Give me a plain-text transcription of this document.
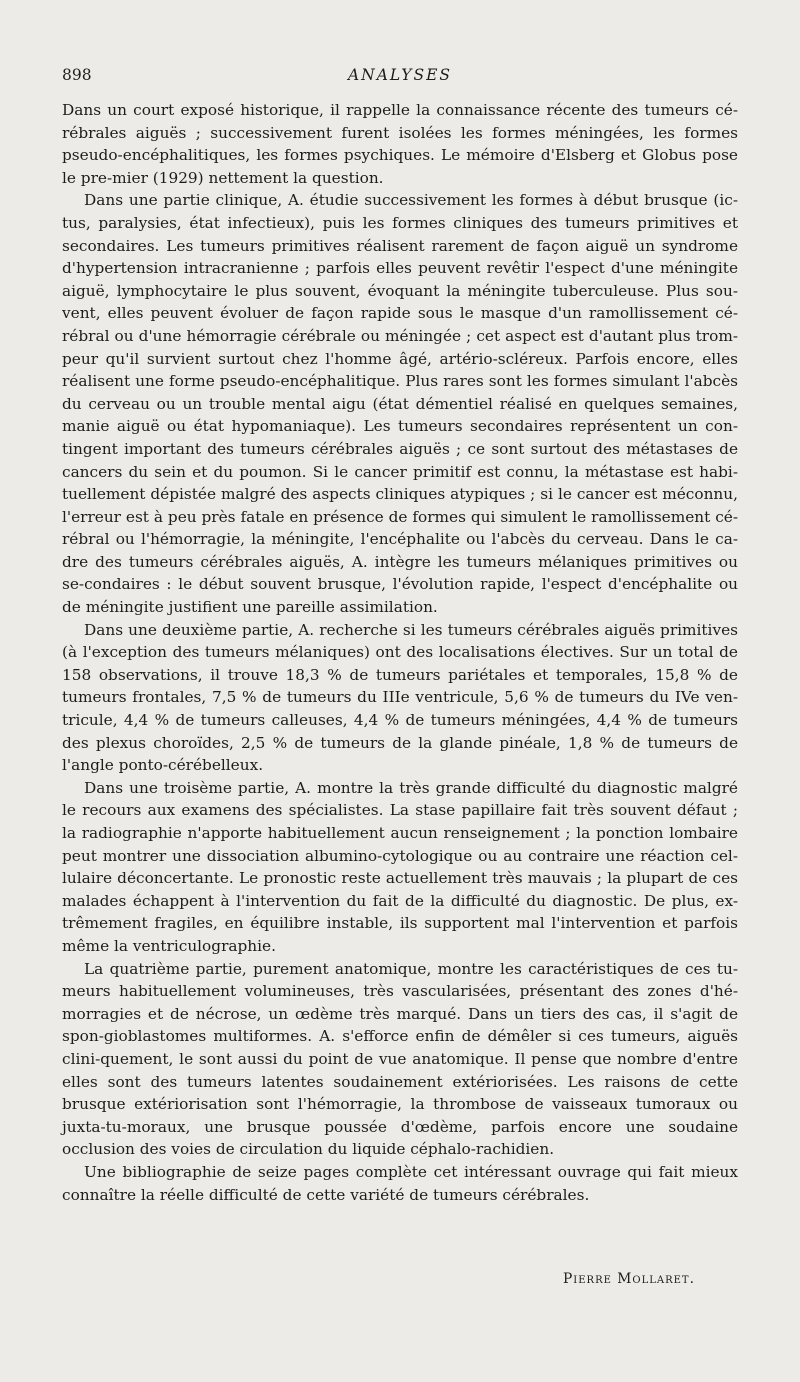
898	ANALYSES

Dans un court exposé historique, il rappelle la connaissance récente des tumeurs cé-rébrales aiguës ; successivement furent isolées les formes méningées, les formes pseudo-encéphalitiques, les formes psychiques. Le mémoire d'Elsberg et Globus pose le pre-mier (1929) nettement la question.

Dans une partie clinique, A. étudie successivement les formes à début brusque (ic-tus, paralysies, état infectieux), puis les formes cliniques des tumeurs primitives et secondaires. Les tumeurs primitives réalisent rarement de façon aiguë un syndrome d'hypertension intracranienne ; parfois elles peuvent revêtir l'espect d'une méningite aiguë, lymphocytaire le plus souvent, évoquant la méningite tuberculeuse. Plus sou-vent, elles peuvent évoluer de façon rapide sous le masque d'un ramollissement cé-rébral ou d'une hémorragie cérébrale ou méningée ; cet aspect est d'autant plus trom-peur qu'il survient surtout chez l'homme âgé, artério-scléreux. Parfois encore, elles réalisent une forme pseudo-encéphalitique. Plus rares sont les formes simulant l'abcès du cerveau ou un trouble mental aigu (état démentiel réalisé en quelques semaines, manie aiguë ou état hypomaniaque). Les tumeurs secondaires représentent un con-tingent important des tumeurs cérébrales aiguës ; ce sont surtout des métastases de cancers du sein et du poumon. Si le cancer primitif est connu, la métastase est habi-tuellement dépistée malgré des aspects cliniques atypiques ; si le cancer est méconnu, l'erreur est à peu près fatale en présence de formes qui simulent le ramollissement cé-rébral ou l'hémorragie, la méningite, l'encéphalite ou l'abcès du cerveau. Dans le ca-dre des tumeurs cérébrales aiguës, A. intègre les tumeurs mélaniques primitives ou se-condaires : le début souvent brusque, l'évolution rapide, l'espect d'encéphalite ou de méningite justifient une pareille assimilation.

Dans une deuxième partie, A. recherche si les tumeurs cérébrales aiguës primitives (à l'exception des tumeurs mélaniques) ont des localisations électives. Sur un total de 158 observations, il trouve 18,3 % de tumeurs pariétales et temporales, 15,8 % de tumeurs frontales, 7,5 % de tumeurs du IIIe ventricule, 5,6 % de tumeurs du IVe ven-tricule, 4,4 % de tumeurs calleuses, 4,4 % de tumeurs méningées, 4,4 % de tumeurs des plexus choroïdes, 2,5 % de tumeurs de la glande pinéale, 1,8 % de tumeurs de l'angle ponto-cérébelleux.

Dans une troisème partie, A. montre la très grande difficulté du diagnostic malgré le recours aux examens des spécialistes. La stase papillaire fait très souvent défaut ; la radiographie n'apporte habituellement aucun renseignement ; la ponction lombaire peut montrer une dissociation albumino-cytologique ou au contraire une réaction cel-lulaire déconcertante. Le pronostic reste actuellement très mauvais ; la plupart de ces malades échappent à l'intervention du fait de la difficulté du diagnostic. De plus, ex-trêmement fragiles, en équilibre instable, ils supportent mal l'intervention et parfois même la ventriculographie.

La quatrième partie, purement anatomique, montre les caractéristiques de ces tu-meurs habituellement volumineuses, très vascularisées, présentant des zones d'hé-morragies et de nécrose, un œdème très marqué. Dans un tiers des cas, il s'agit de spon-gioblastomes multiformes. A. s'efforce enfin de démêler si ces tumeurs, aiguës clini-quement, le sont aussi du point de vue anatomique. Il pense que nombre d'entre elles sont des tumeurs latentes soudainement extériorisées. Les raisons de cette brusque extériorisation sont l'hémorragie, la thrombose de vaisseaux tumoraux ou juxta-tu-moraux, une brusque poussée d'œdème, parfois encore une soudaine occlusion des voies de circulation du liquide céphalo-rachidien.

Une bibliographie de seize pages complète cet intéressant ouvrage qui fait mieux connaître la réelle difficulté de cette variété de tumeurs cérébrales.

Pierre Mollaret.
